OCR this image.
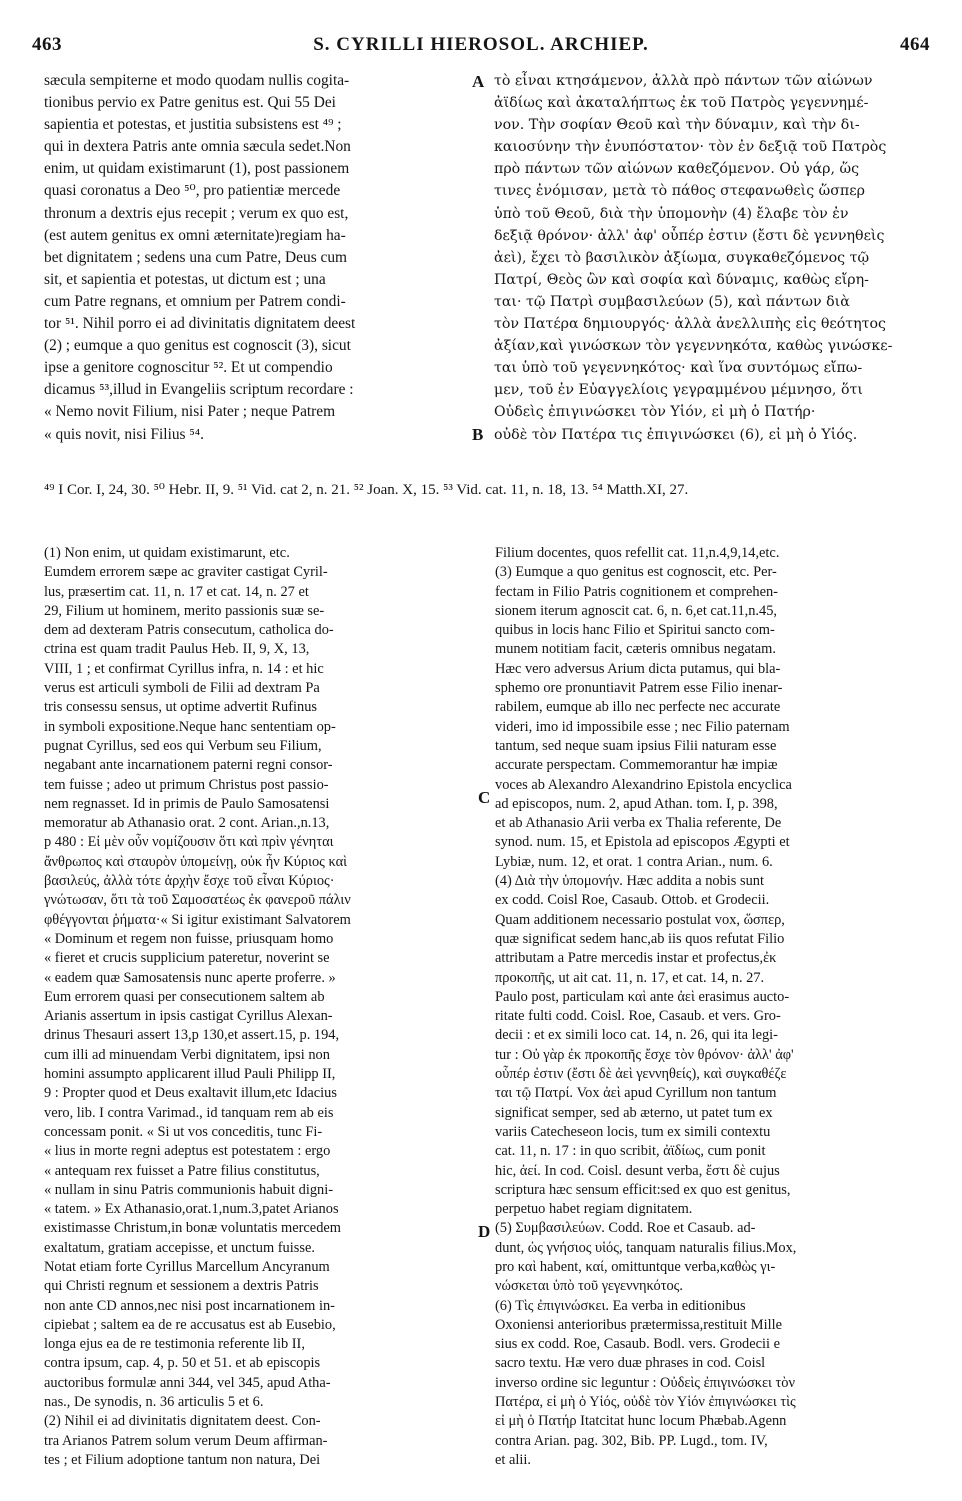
463	S. CYRILLI HIEROSOL. ARCHIEP.	464
sæcula sempiterne et modo quodam nullis cogita-
tionibus pervio ex Patre genitus est. Qui 55 Dei
sapientia et potestas, et justitia subsistens est ⁴⁹ ;
qui in dextera Patris ante omnia sæcula sedet.Non
enim, ut quidam existimarunt (1), post passionem
quasi coronatus a Deo ⁵⁰, pro patientiæ mercede
thronum a dextris ejus recepit ; verum ex quo est,
(est autem genitus ex omni æternitate)regiam ha-
bet dignitatem ; sedens una cum Patre, Deus cum
sit, et sapientia et potestas, ut dictum est ; una
cum Patre regnans, et omnium per Patrem condi-
tor ⁵¹. Nihil porro ei ad divinitatis dignitatem deest
(2) ; eumque a quo genitus est cognoscit (3), sicut
ipse a genitore cognoscitur ⁵². Et ut compendio
dicamus ⁵³,illud in Evangeliis scriptum recordare :
« Nemo novit Filium, nisi Pater ; neque Patrem
« quis novit, nisi Filius ⁵⁴.
τὸ εἶναι κτησάμενον, ἀλλὰ πρὸ πάντων τῶν αἰώνων
ἀϊδίως καὶ ἀκαταλήπτως ἐκ τοῦ Πατρὸς γεγεννημέ-
νον. Τὴν σοφίαν Θεοῦ καὶ τὴν δύναμιν, καὶ τὴν δι-
καιοσύνην τὴν ἐνυπόστατον· τὸν ἐν δεξιᾷ τοῦ Πατρὸς
πρὸ πάντων τῶν αἰώνων καθεζόμενον. Οὐ γάρ, ὥς
τινες ἐνόμισαν, μετὰ τὸ πάθος στεφανωθεὶς ὥσπερ
ὑπὸ τοῦ Θεοῦ, διὰ τὴν ὑπομονὴν (4) ἔλαβε τὸν ἐν
δεξιᾷ θρόνον· ἀλλ' ἀφ' οὗπέρ ἐστιν (ἔστι δὲ γεννηθεὶς
ἀεὶ), ἔχει τὸ βασιλικὸν ἀξίωμα, συγκαθεζόμενος τῷ
Πατρί, Θεὸς ὢν καὶ σοφία καὶ δύναμις, καθὼς εἴρη-
ται· τῷ Πατρὶ συμβασιλεύων (5), καὶ πάντων διὰ
τὸν Πατέρα δημιουργός· ἀλλὰ ἀνελλιπὴς εἰς θεότητος
ἀξίαν,καὶ γινώσκων τὸν γεγεννηκότα, καθὼς γινώσκε-
ται ὑπὸ τοῦ γεγεννηκότος· καὶ ἵνα συντόμως εἴπω-
μεν, τοῦ ἐν Εὐαγγελίοις γεγραμμένου μέμνησο, ὅτι
Οὐδεὶς ἐπιγινώσκει τὸν Υἱόν, εἰ μὴ ὁ Πατήρ·
οὐδὲ τὸν Πατέρα τις ἐπιγινώσκει (6), εἰ μὴ ὁ Υἱός.
A
B
C
D
⁴⁹ I Cor. I, 24, 30. ⁵⁰ Hebr. II, 9. ⁵¹ Vid. cat 2, n. 21. ⁵² Joan. X, 15. ⁵³ Vid. cat. 11, n. 18, 13. ⁵⁴ Matth.XI, 27.
(1) Non enim, ut quidam existimarunt, etc.
Eumdem errorem sæpe ac graviter castigat Cyril-
lus, præsertim cat. 11, n. 17 et cat. 14, n. 27 et
29, Filium ut hominem, merito passionis suæ se-
dem ad dexteram Patris consecutum, catholica do-
ctrina est quam tradit Paulus Heb. II, 9, X, 13,
VIII, 1 ; et confirmat Cyrillus infra, n. 14 : et hic
verus est articuli symboli de Filii ad dextram Pa
tris consessu sensus, ut optime advertit Rufinus
in symboli expositione.Neque hanc sententiam op-
pugnat Cyrillus, sed eos qui Verbum seu Filium,
negabant ante incarnationem paterni regni consor-
tem fuisse ; adeo ut primum Christus post passio-
nem regnasset. Id in primis de Paulo Samosatensi
memoratur ab Athanasio orat. 2 cont. Arian.,n.13,
p 480 : Εἰ μὲν οὖν νομίζουσιν ὅτι καὶ πρὶν γένηται
ἄνθρωπος καὶ σταυρὸν ὑπομείνῃ, οὐκ ἦν Κύριος καὶ
βασιλεύς, ἀλλὰ τότε ἀρχὴν ἔσχε τοῦ εἶναι Κύριος·
γνώτωσαν, ὅτι τὰ τοῦ Σαμοσατέως ἐκ φανεροῦ πάλιν
φθέγγονται ῥήματα·« Si igitur existimant Salvatorem
« Dominum et regem non fuisse, priusquam homo
« fieret et crucis supplicium pateretur, noverint se
« eadem quæ Samosatensis nunc aperte proferre. »
Eum errorem quasi per consecutionem saltem ab
Arianis assertum in ipsis castigat Cyrillus Alexan-
drinus Thesauri assert 13,p 130,et assert.15, p. 194,
cum illi ad minuendam Verbi dignitatem, ipsi non
homini assumpto applicarent illud Pauli Philipp II,
9 : Propter quod et Deus exaltavit illum,etc Idacius
vero, lib. I contra Varimad., id tanquam rem ab eis
concessam ponit. « Si ut vos conceditis, tunc Fi-
« lius in morte regni adeptus est potestatem : ergo
« antequam rex fuisset a Patre filius constitutus,
« nullam in sinu Patris communionis habuit digni-
« tatem. » Ex Athanasio,orat.1,num.3,patet Arianos
existimasse Christum,in bonæ voluntatis mercedem
exaltatum, gratiam accepisse, et unctum fuisse.
Notat etiam forte Cyrillus Marcellum Ancyranum
qui Christi regnum et sessionem a dextris Patris
non ante CD annos,nec nisi post incarnationem in-
cipiebat ; saltem ea de re accusatus est ab Eusebio,
longa ejus ea de re testimonia referente lib II,
contra ipsum, cap. 4, p. 50 et 51. et ab episcopis
auctoribus formulæ anni 344, vel 345, apud Atha-
nas., De synodis, n. 36 articulis 5 et 6.
(2) Nihil ei ad divinitatis dignitatem deest. Con-
tra Arianos Patrem solum verum Deum affirman-
tes ; et Filium adoptione tantum non natura, Dei
Filium docentes, quos refellit cat. 11,n.4,9,14,etc.
(3) Eumque a quo genitus est cognoscit, etc. Per-
fectam in Filio Patris cognitionem et comprehen-
sionem iterum agnoscit cat. 6, n. 6,et cat.11,n.45,
quibus in locis hanc Filio et Spiritui sancto com-
munem notitiam facit, cæteris omnibus negatam.
Hæc vero adversus Arium dicta putamus, qui bla-
sphemo ore pronuntiavit Patrem esse Filio inenar-
rabilem, eumque ab illo nec perfecte nec accurate
videri, imo id impossibile esse ; nec Filio paternam
tantum, sed neque suam ipsius Filii naturam esse
accurate perspectam. Commemorantur hæ impiæ
voces ab Alexandro Alexandrino Epistola encyclica
ad episcopos, num. 2, apud Athan. tom. I, p. 398,
et ab Athanasio Arii verba ex Thalia referente, De
synod. num. 15, et Epistola ad episcopos Ægypti et
Lybiæ, num. 12, et orat. 1 contra Arian., num. 6.
(4) Διὰ τὴν ὑπομονήν. Hæc addita a nobis sunt
ex codd. Coisl Roe, Casaub. Ottob. et Grodecii.
Quam additionem necessario postulat vox, ὥσπερ,
quæ significat sedem hanc,ab iis quos refutat Filio
attributam a Patre mercedis instar et profectus,ἐκ
προκοπῆς, ut ait cat. 11, n. 17, et cat. 14, n. 27.
Paulo post, particulam καὶ ante ἀεὶ erasimus aucto-
ritate fulti codd. Coisl. Roe, Casaub. et vers. Gro-
decii : et ex simili loco cat. 14, n. 26, qui ita legi-
tur : Οὐ γὰρ ἐκ προκοπῆς ἔσχε τὸν θρόνον· ἀλλ' ἀφ'
οὗπέρ ἐστιν (ἔστι δὲ ἀεὶ γεννηθείς), καὶ συγκαθέζε
ται τῷ Πατρί. Vox ἀεὶ apud Cyrillum non tantum
significat semper, sed ab æterno, ut patet tum ex
variis Catecheseon locis, tum ex simili contextu
cat. 11, n. 17 : in quo scribit, ἀϊδίως, cum ponit
hic, ἀεί. In cod. Coisl. desunt verba, ἔστι δὲ cujus
scriptura hæc sensum efficit:sed ex quo est genitus,
perpetuo habet regiam dignitatem.
(5) Συμβασιλεύων. Codd. Roe et Casaub. ad-
dunt, ὡς γνήσιος υἱός, tanquam naturalis filius.Mox,
pro καὶ habent, καί, omittuntque verba,καθὼς γι-
νώσκεται ὑπὸ τοῦ γεγεννηκότος.
(6) Τὶς ἐπιγινώσκει. Ea verba in editionibus
Oxoniensi anterioribus prætermissa,restituit Mille
sius ex codd. Roe, Casaub. Bodl. vers. Grodecii e
sacro textu. Hæ vero duæ phrases in cod. Coisl
inverso ordine sic leguntur : Οὐδεὶς ἐπιγινώσκει τὸν
Πατέρα, εἰ μὴ ὁ Υἱός, οὐδὲ τὸν Υἱόν ἐπιγινώσκει τὶς
εἰ μὴ ὁ Πατήρ Itatcitat hunc locum Phæbab.Agenn
contra Arian. pag. 302, Bib. PP. Lugd., tom. IV,
et alii.
